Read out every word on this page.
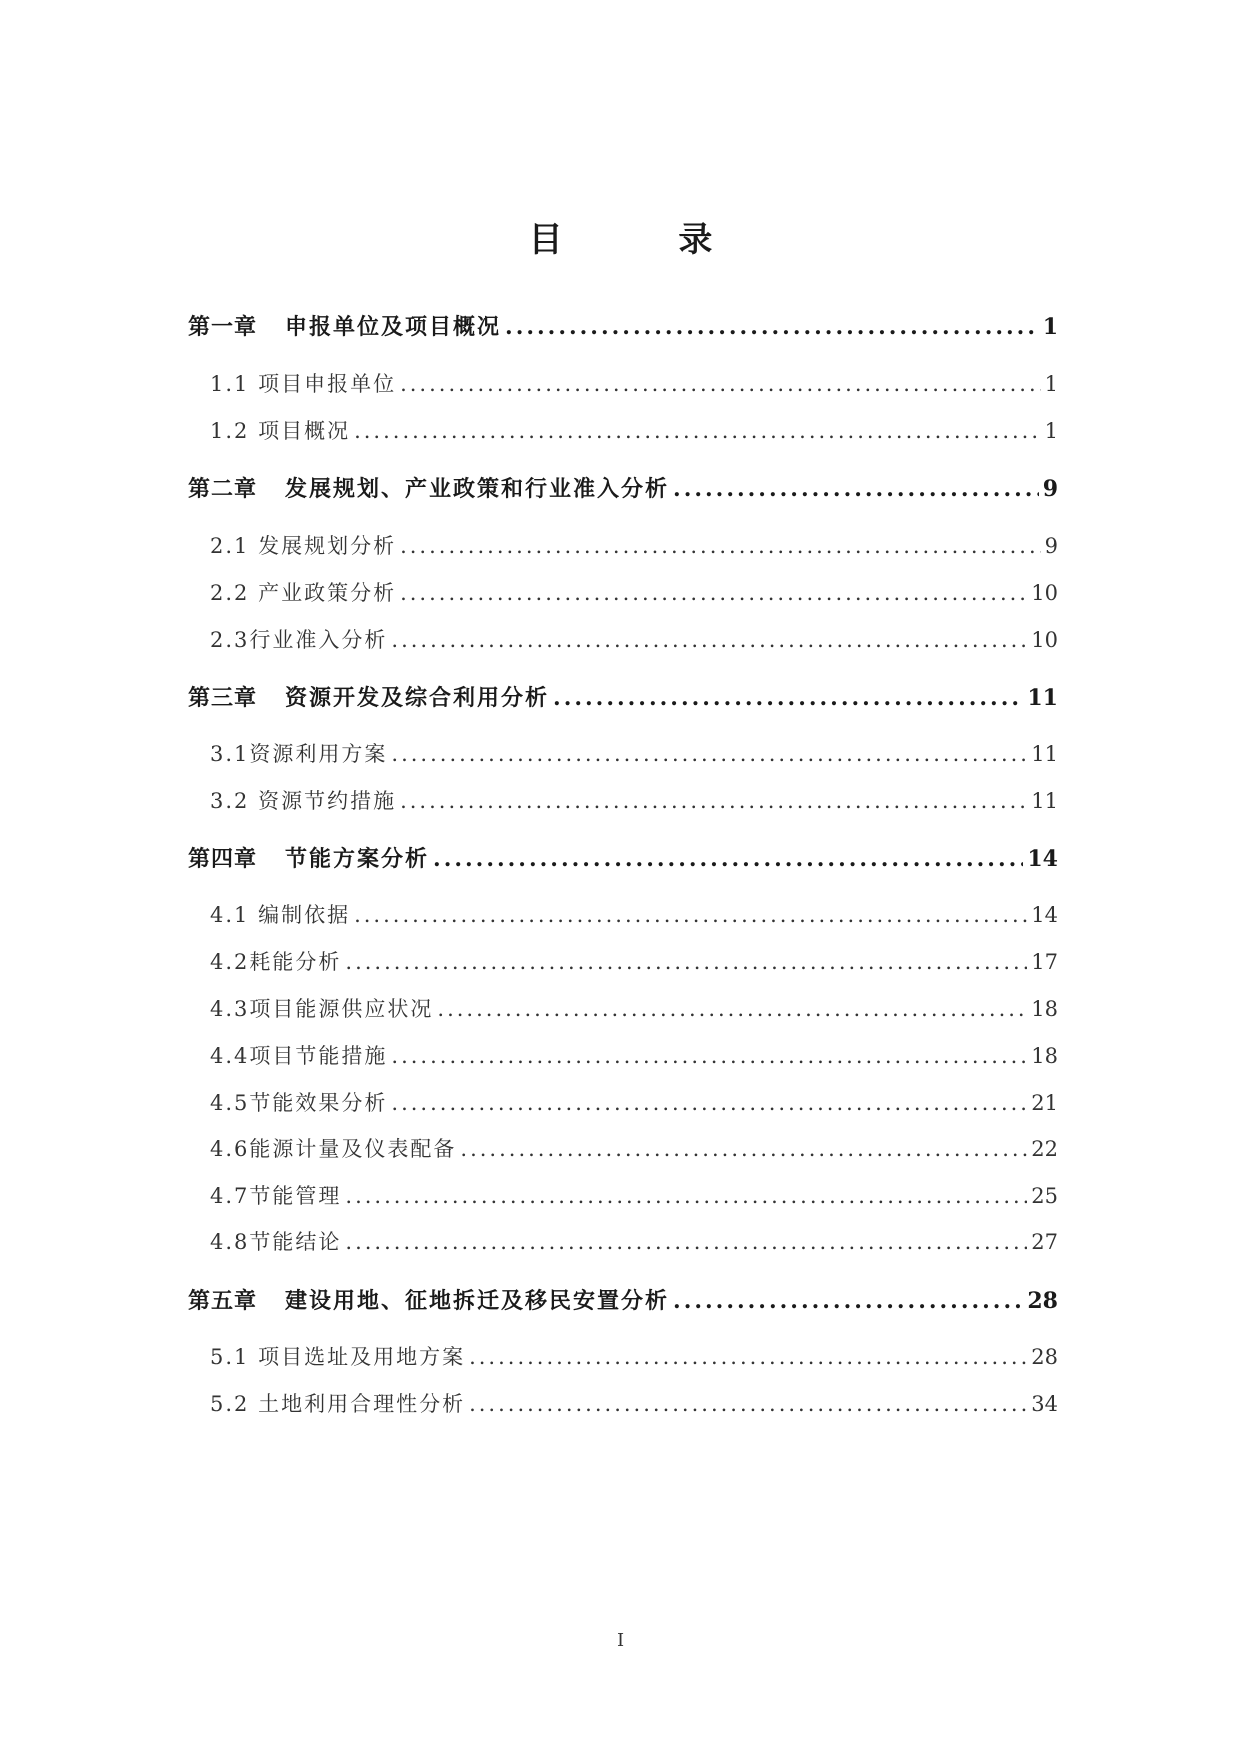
目 录
第一章 申报单位及项目概况 .....	1
1.1 项目申报单位 .....	1
1.2 项目概况 .....	1
第二章 发展规划、产业政策和行业准入分析 .....	9
2.1 发展规划分析 .....	9
2.2 产业政策分析 .....	10
2.3行业准入分析 .....	10
第三章 资源开发及综合利用分析 .....	11
3.1资源利用方案 .....	11
3.2 资源节约措施 .....	11
第四章 节能方案分析 .....	14
4.1 编制依据 .....	14
4.2耗能分析 .....	17
4.3项目能源供应状况 .....	18
4.4项目节能措施 .....	18
4.5节能效果分析 .....	21
4.6能源计量及仪表配备 .....	22
4.7节能管理 .....	25
4.8节能结论 .....	27
第五章 建设用地、征地拆迁及移民安置分析 .....	28
5.1 项目选址及用地方案 .....	28
5.2 土地利用合理性分析 .....	34
I
